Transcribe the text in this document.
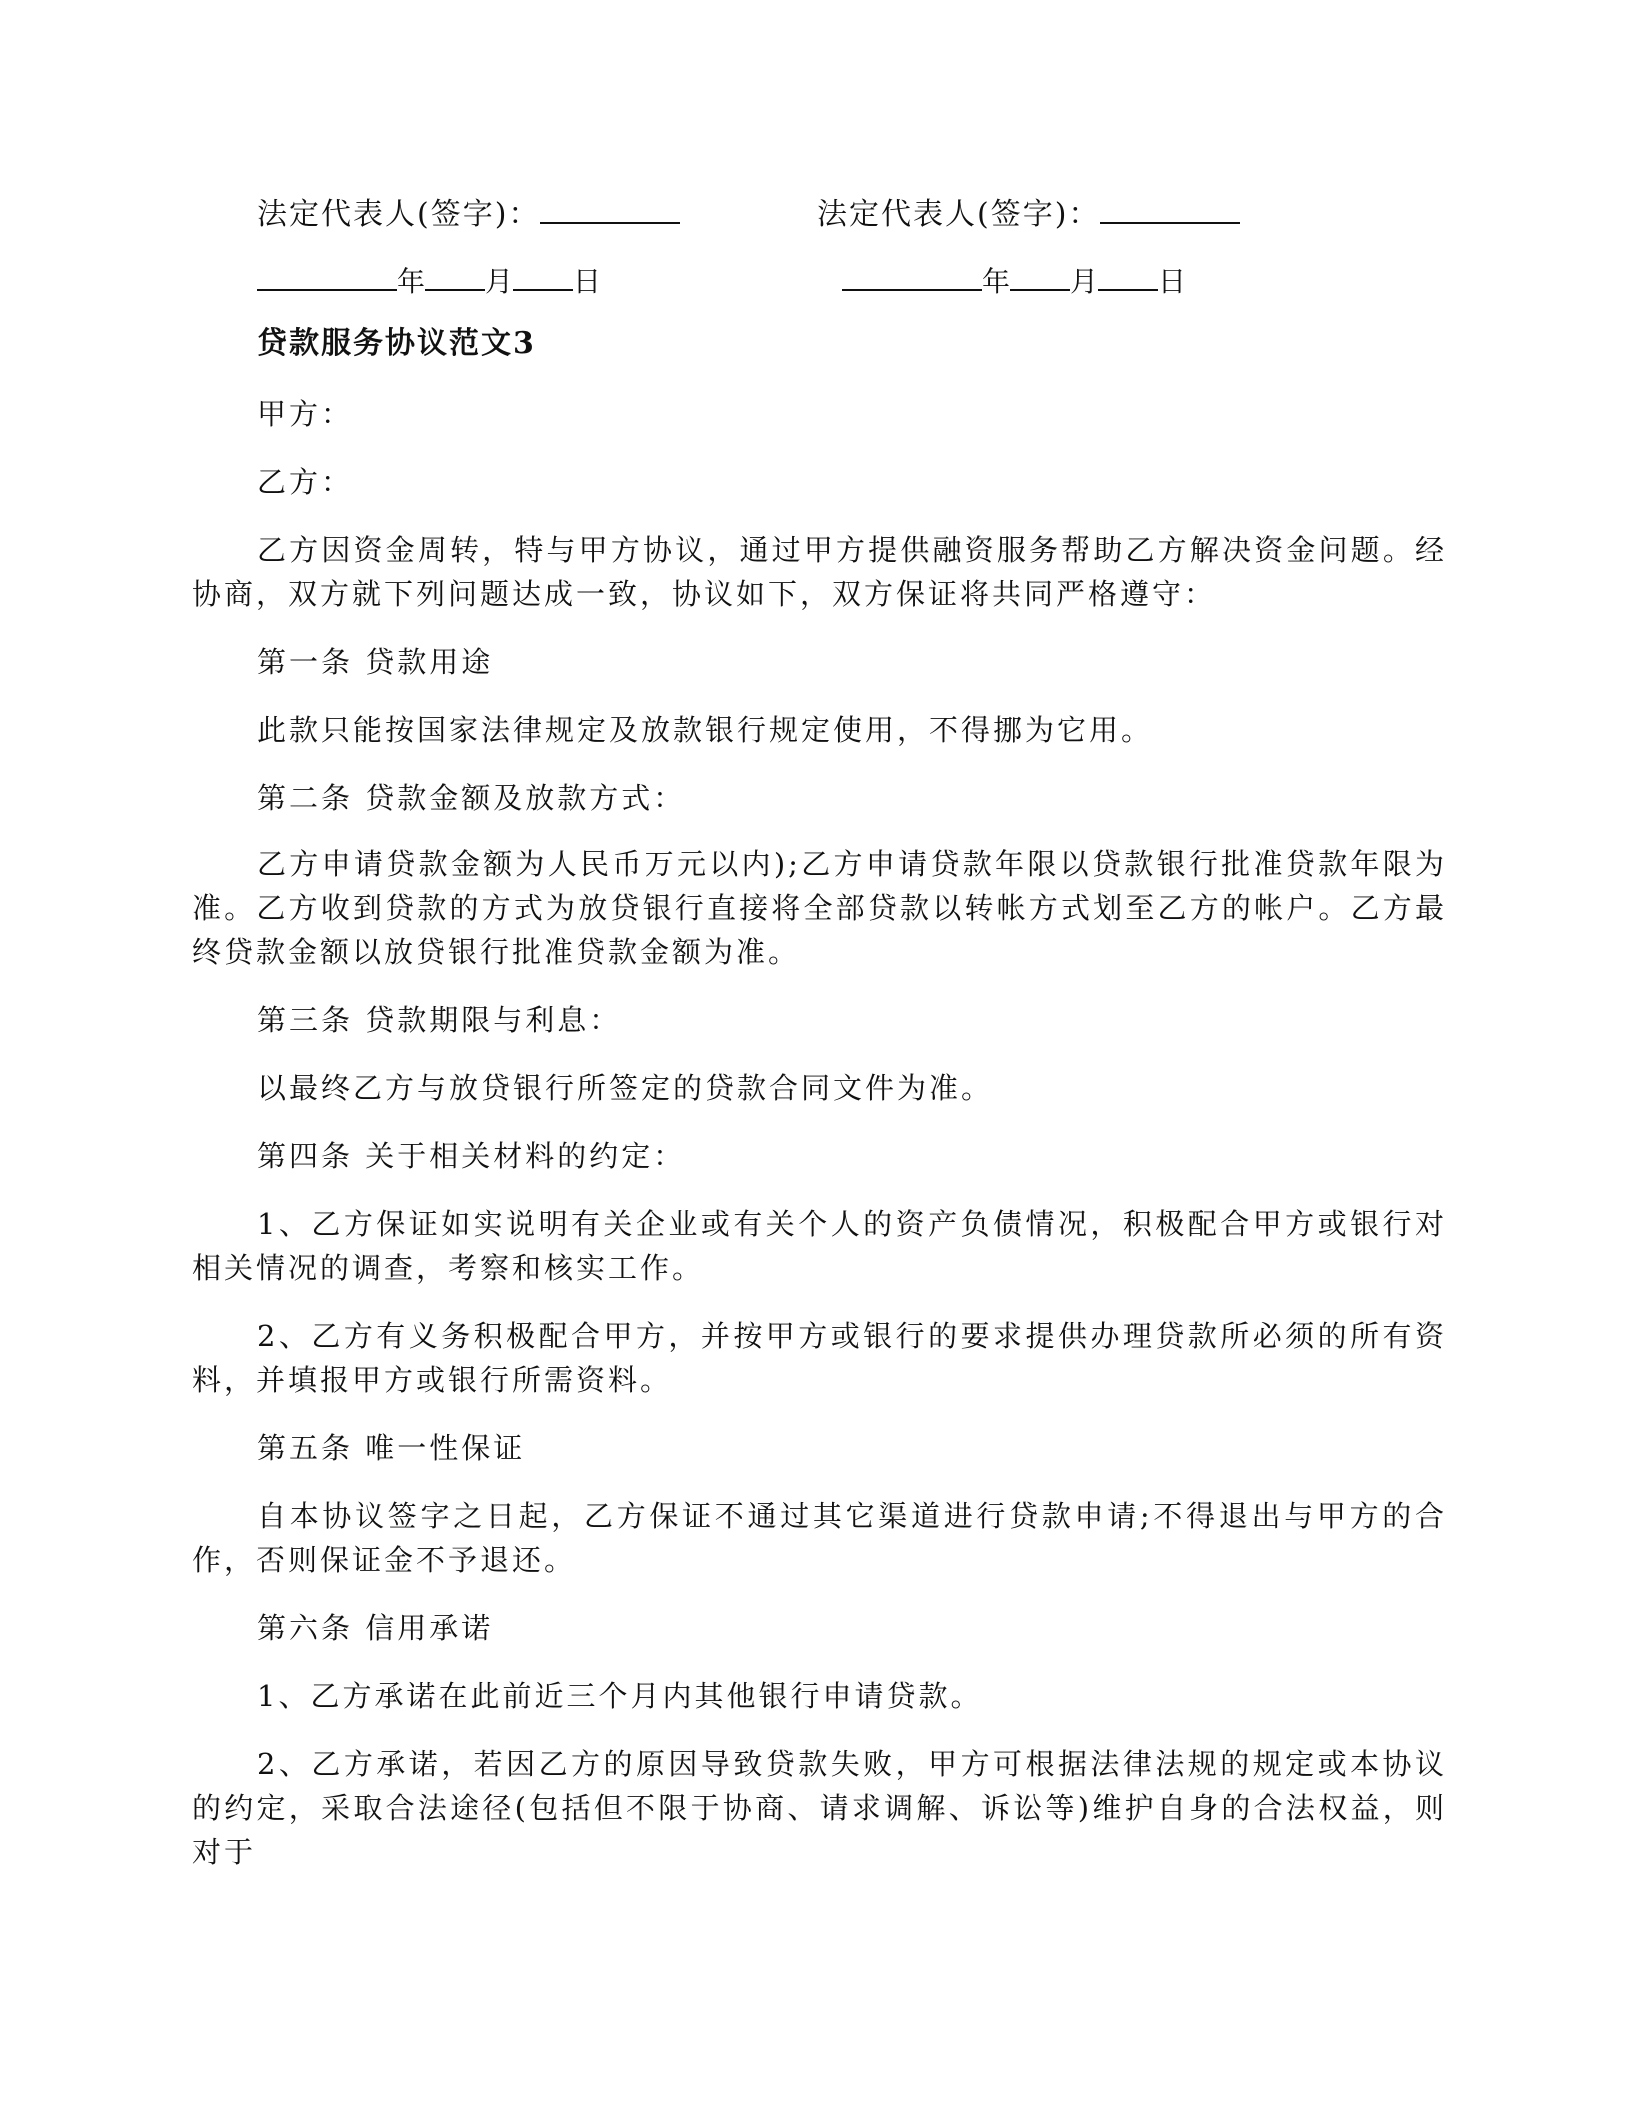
法定代表人(签字)：	法定代表人(签字)：
年 月 日	年 月 日
贷款服务协议范文3
甲方：
乙方：
乙方因资金周转，特与甲方协议，通过甲方提供融资服务帮助乙方解决资金问题。经协商，双方就下列问题达成一致，协议如下，双方保证将共同严格遵守：
第一条 贷款用途
此款只能按国家法律规定及放款银行规定使用，不得挪为它用。
第二条 贷款金额及放款方式：
乙方申请贷款金额为人民币万元以内);乙方申请贷款年限以贷款银行批准贷款年限为准。乙方收到贷款的方式为放贷银行直接将全部贷款以转帐方式划至乙方的帐户。乙方最终贷款金额以放贷银行批准贷款金额为准。
第三条 贷款期限与利息：
以最终乙方与放贷银行所签定的贷款合同文件为准。
第四条 关于相关材料的约定：
1、乙方保证如实说明有关企业或有关个人的资产负债情况，积极配合甲方或银行对相关情况的调查，考察和核实工作。
2、乙方有义务积极配合甲方，并按甲方或银行的要求提供办理贷款所必须的所有资料，并填报甲方或银行所需资料。
第五条 唯一性保证
自本协议签字之日起，乙方保证不通过其它渠道进行贷款申请;不得退出与甲方的合作，否则保证金不予退还。
第六条 信用承诺
1、乙方承诺在此前近三个月内其他银行申请贷款。
2、乙方承诺，若因乙方的原因导致贷款失败，甲方可根据法律法规的规定或本协议的约定，采取合法途径(包括但不限于协商、请求调解、诉讼等)维护自身的合法权益，则对于
